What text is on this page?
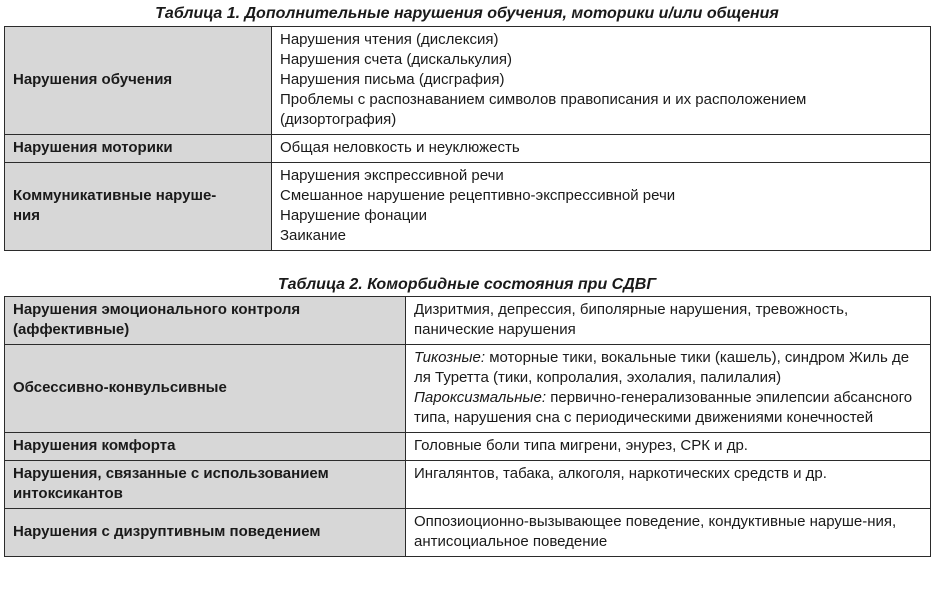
Таблица 1. Дополнительные нарушения обучения, моторики и/или общения
Нарушения обучения	Нарушения чтения (дислексия)
Нарушения счета (дискалькулия)
Нарушения письма (дисграфия)
Проблемы с распознаванием символов правописания и их расположением (дизортография)

Нарушения моторики	Общая неловкость и неуклюжесть

Коммуникативные наруше-ния	Нарушения экспрессивной речи
Смешанное нарушение рецептивно-экспрессивной речи
Нарушение фонации
Заикание
Таблица 2. Коморбидные состояния при СДВГ
Нарушения эмоционального контроля (аффективные)	Дизритмия, депрессия, биполярные нарушения, тревожность, панические нарушения
Обсессивно-конвульсивные	Тикозные: моторные тики, вокальные тики (кашель), синдром Жиль де ля Туретта (тики, копролалия, эхолалия, палилалия)
Пароксизмальные: первично-генерализованные эпилепсии абсансного типа, нарушения сна с периодическими движениями конечностей
Нарушения комфорта	Головные боли типа мигрени, энурез, СРК и др.
Нарушения, связанные с использованием интоксикантов	Ингалянтов, табака, алкоголя, наркотических средств и др.
Нарушения с дизруптивным поведением	Оппозиоционно-вызывающее поведение, кондуктивные наруше-ния, антисоциальное поведение
